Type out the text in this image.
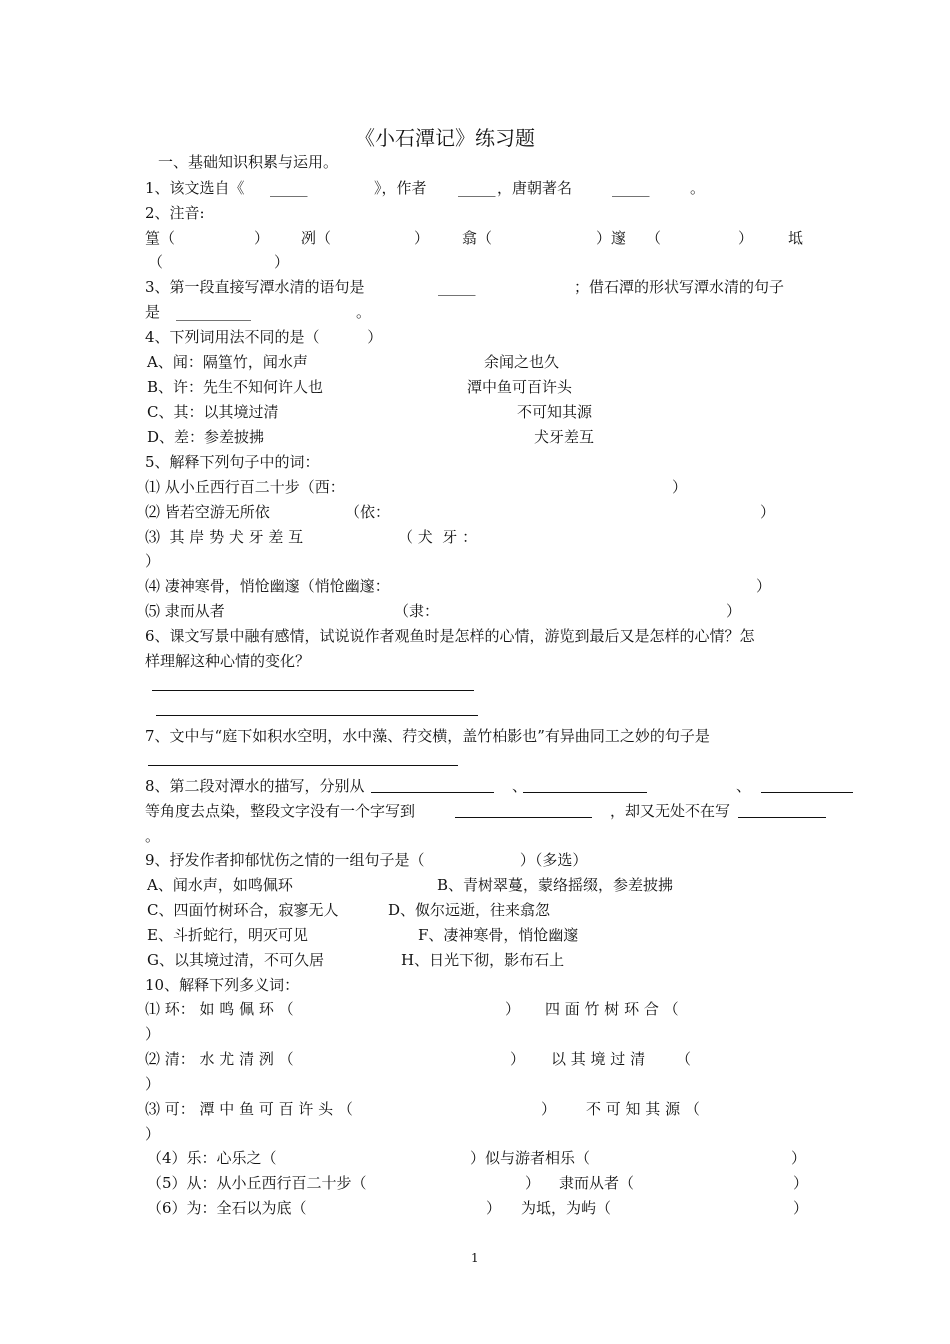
《小石潭记》练习题
一、基础知识积累与运用。
1、该文选自《 _____	》，作者 _____ ，唐朝著名	_____	。
2、注音:
篁（	） 冽（	） 翕（	）邃 （	） 坻
（	）
3、第一段直接写潭水清的语句是	_____	；借石潭的形状写潭水清的句子
是 __________	。
4、下列词用法不同的是（          ）
A、闻：隔篁竹，闻水声	余闻之也久
B、许：先生不知何许人也	潭中鱼可百许头
C、其：以其境过清	不可知其源
D、差：参差披拂	犬牙差互
5、解释下列句子中的词：
⑴ 从小丘西行百二十步（西：	）
⑵ 皆若空游无所依	（依：	）
⑶  其 岸 势 犬 牙 差 互	（ 犬  牙 ：
）
⑷ 凄神寒骨，悄怆幽邃（悄怆幽邃：	）
⑸ 隶而从者	（隶：	）
6、课文写景中融有感情，试说说作者观鱼时是怎样的心情，游览到最后又是怎样的心情？怎
样理解这种心情的变化？
7、文中与“庭下如积水空明，水中藻、荇交横，盖竹柏影也”有异曲同工之妙的句子是
8、第二段对潭水的描写，分别从	、	、
等角度去点染，整段文字没有一个字写到	，却又无处不在写
。
9、抒发作者抑郁忧伤之情的一组句子是（                    ）（多选）
A、闻水声，如鸣佩环	B、青树翠蔓，蒙络摇缀，参差披拂
C、四面竹树环合，寂寥无人	D、伮尔远逝，往来翕忽
E、斗折蛇行，明灭可见	F、凄神寒骨，悄怆幽邃
G、以其境过清，不可久居	H、日光下彻，影布石上
10、解释下列多义词：
⑴ 环： 如 鸣 佩 环 （	） 四 面 竹 树 环 合 （
）
⑵ 清： 水 尤 清 洌 （	） 以 其 境 过 清 （
）
⑶ 可： 潭 中 鱼 可 百 许 头 （	） 不 可 知 其 源 （
）
（4）乐：心乐之（	）似与游者相乐（	）
（5）从：从小丘西行百二十步（	） 隶而从者（	）
（6）为：全石以为底（	） 为坻，为屿（	）
1
